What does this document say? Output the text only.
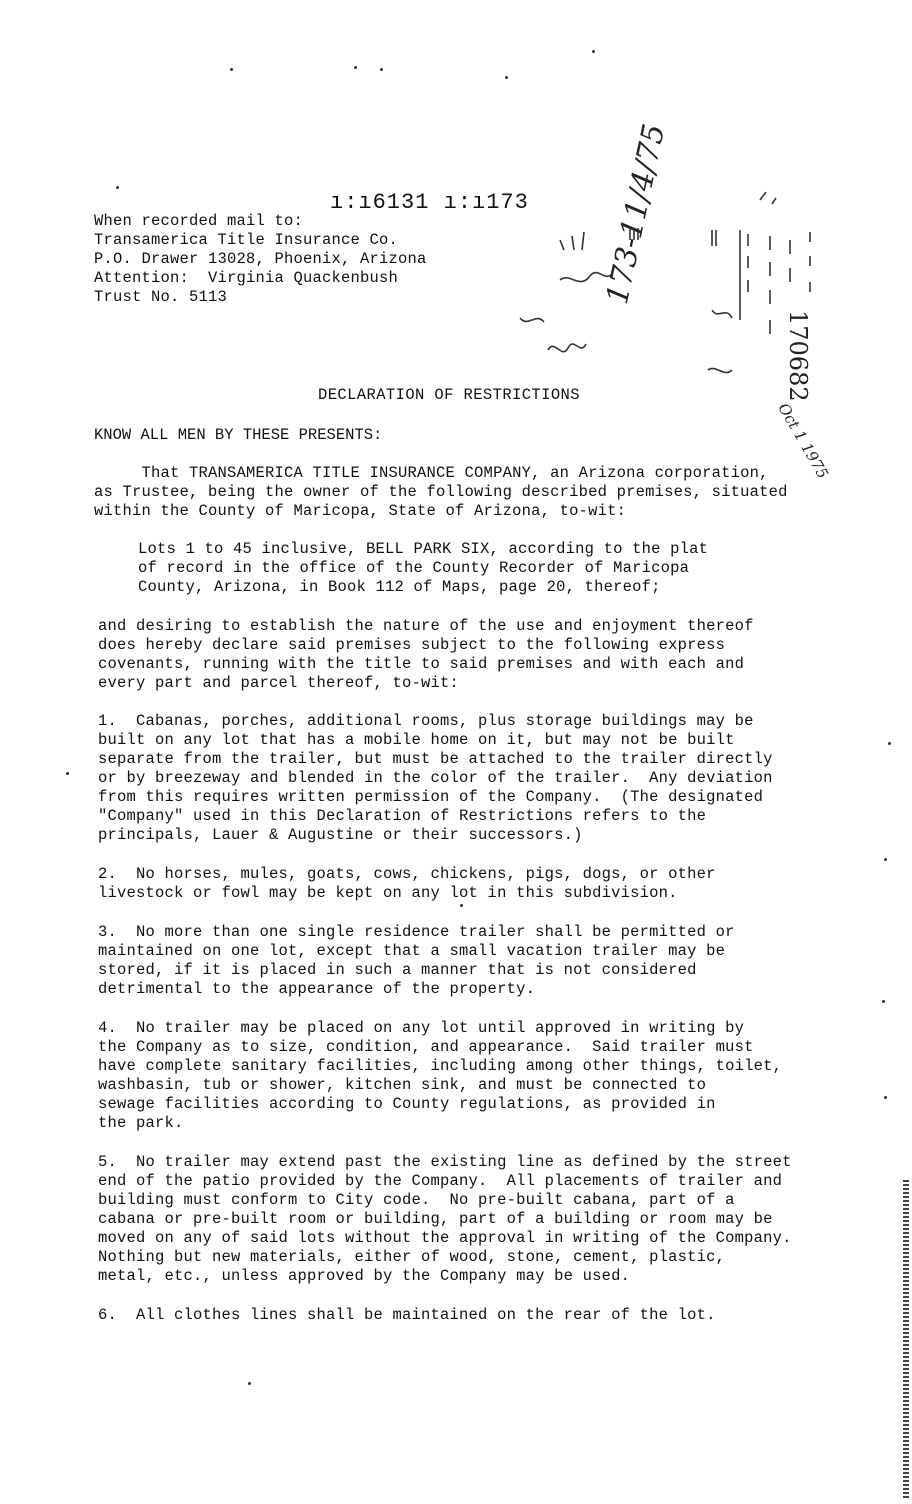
ı:ı6131 ı:ı173
When recorded mail to:
Transamerica Title Insurance Co.
P.O. Drawer 13028, Phoenix, Arizona
Attention:  Virginia Quackenbush
Trust No. 5113	173-11/4/75
170682
Oct 1 1975
DECLARATION OF RESTRICTIONS
KNOW ALL MEN BY THESE PRESENTS:
That TRANSAMERICA TITLE INSURANCE COMPANY, an Arizona corporation,
as Trustee, being the owner of the following described premises, situated
within the County of Maricopa, State of Arizona, to-wit:
Lots 1 to 45 inclusive, BELL PARK SIX, according to the plat
of record in the office of the County Recorder of Maricopa
County, Arizona, in Book 112 of Maps, page 20, thereof;
and desiring to establish the nature of the use and enjoyment thereof
does hereby declare said premises subject to the following express
covenants, running with the title to said premises and with each and
every part and parcel thereof, to-wit:
1.  Cabanas, porches, additional rooms, plus storage buildings may be
built on any lot that has a mobile home on it, but may not be built
separate from the trailer, but must be attached to the trailer directly
or by breezeway and blended in the color of the trailer.  Any deviation
from this requires written permission of the Company.  (The designated
"Company" used in this Declaration of Restrictions refers to the
principals, Lauer & Augustine or their successors.)
2.  No horses, mules, goats, cows, chickens, pigs, dogs, or other
livestock or fowl may be kept on any lot in this subdivision.
3.  No more than one single residence trailer shall be permitted or
maintained on one lot, except that a small vacation trailer may be
stored, if it is placed in such a manner that is not considered
detrimental to the appearance of the property.
4.  No trailer may be placed on any lot until approved in writing by
the Company as to size, condition, and appearance.  Said trailer must
have complete sanitary facilities, including among other things, toilet,
washbasin, tub or shower, kitchen sink, and must be connected to
sewage facilities according to County regulations, as provided in
the park.
5.  No trailer may extend past the existing line as defined by the street
end of the patio provided by the Company.  All placements of trailer and
building must conform to City code.  No pre-built cabana, part of a
cabana or pre-built room or building, part of a building or room may be
moved on any of said lots without the approval in writing of the Company.
Nothing but new materials, either of wood, stone, cement, plastic,
metal, etc., unless approved by the Company may be used.
6.  All clothes lines shall be maintained on the rear of the lot.
